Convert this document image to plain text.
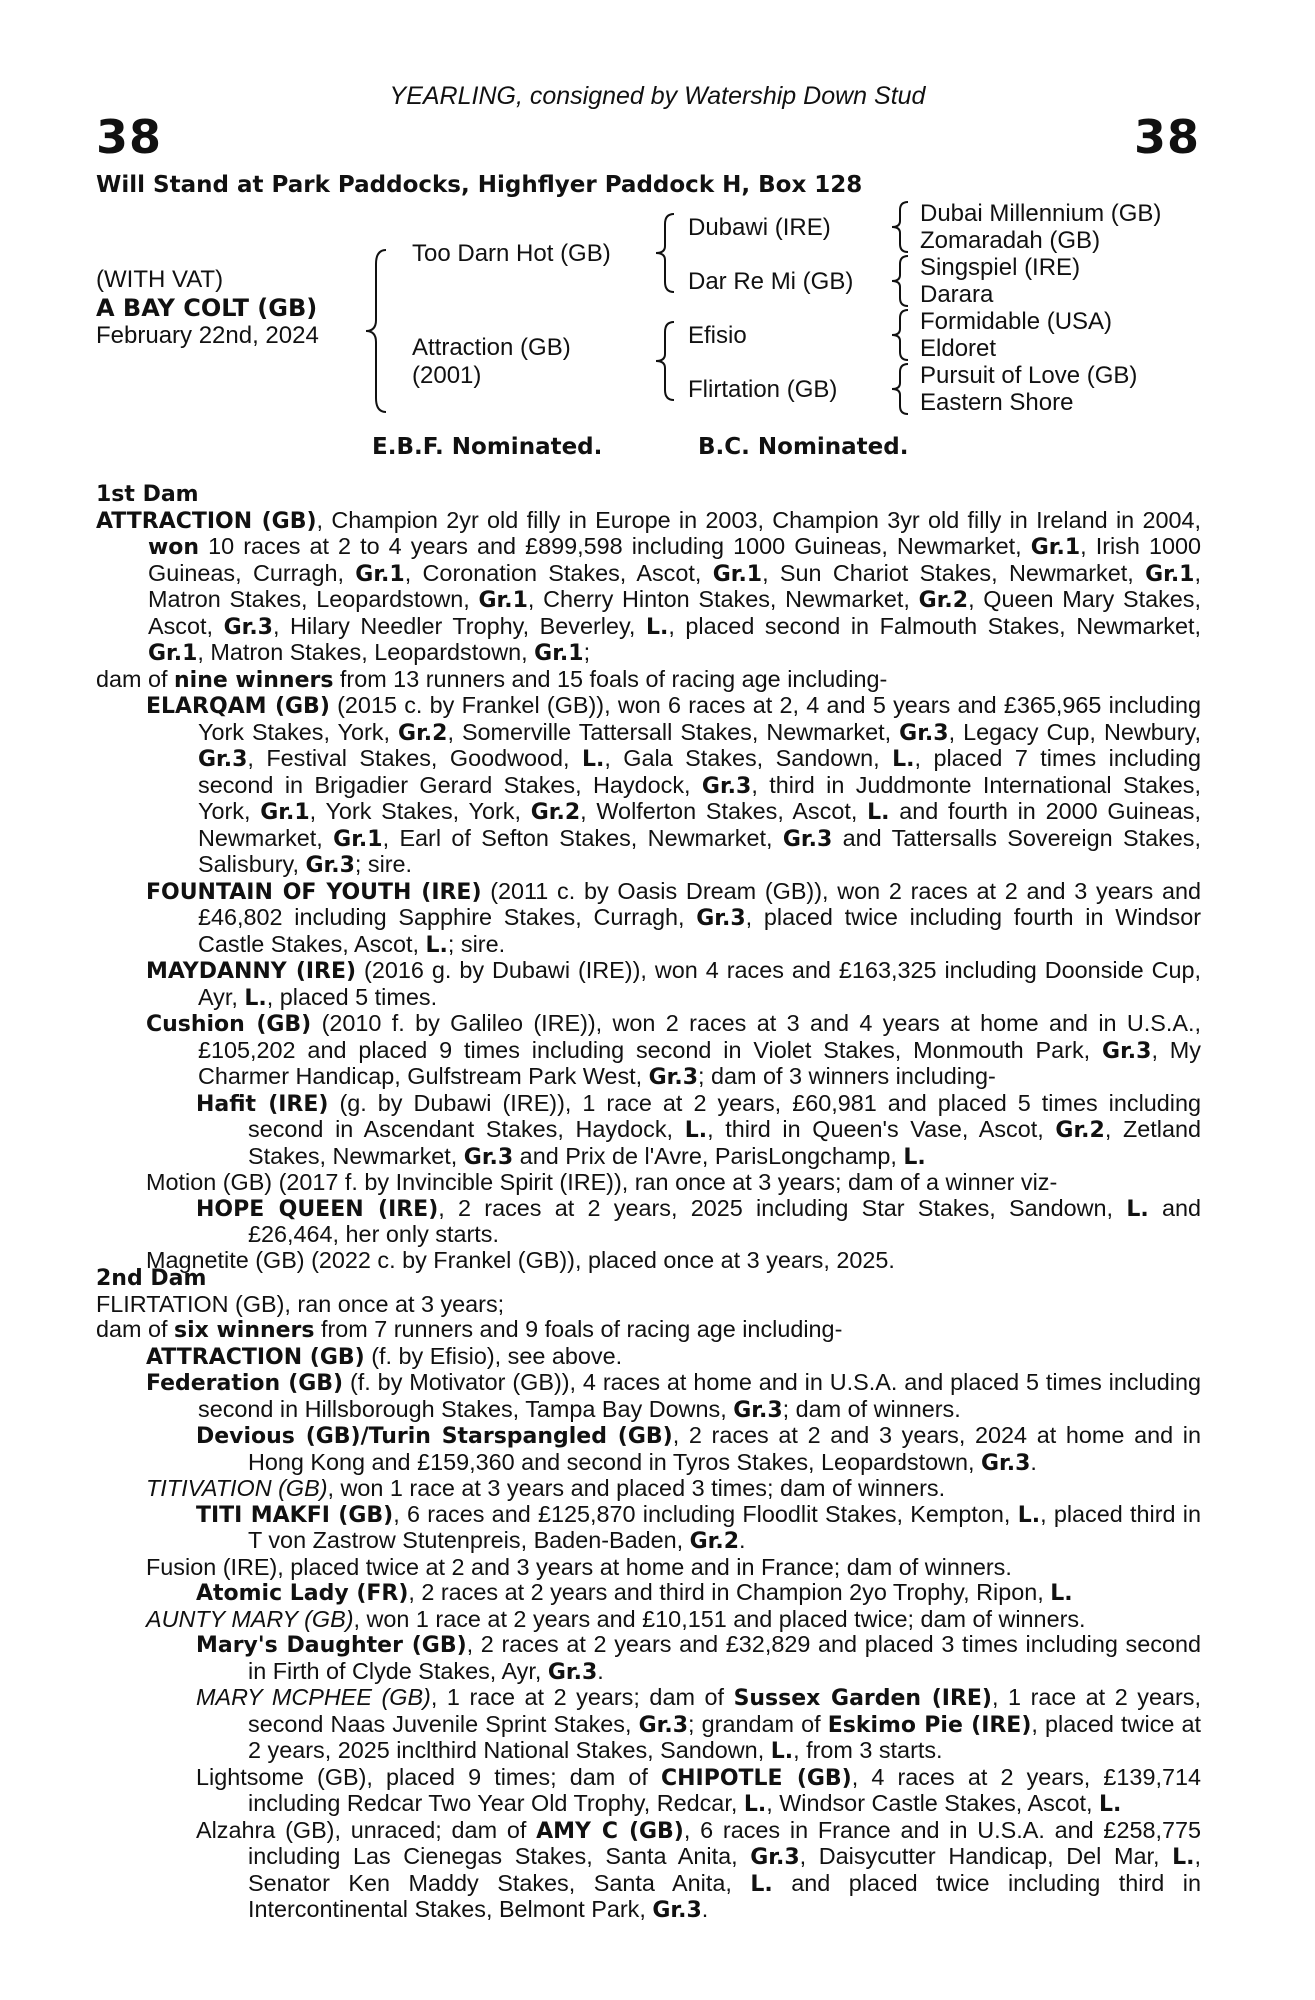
YEARLING, consigned by Watership Down Stud
38	38
Will Stand at Park Paddocks, Highflyer Paddock H, Box 128
(WITH VAT)
A BAY COLT (GB)
February 22nd, 2024
Too Darn Hot (GB)
Attraction (GB)
(2001)
Dubawi (IRE)
Dar Re Mi (GB)
Efisio
Flirtation (GB)
Dubai Millennium (GB)
Zomaradah (GB)
Singspiel (IRE)
Darara
Formidable (USA)
Eldoret
Pursuit of Love (GB)
Eastern Shore
E.B.F. Nominated.	B.C. Nominated.
1st Dam

ATTRACTION (GB), Champion 2yr old filly in Europe in 2003, Champion 3yr old filly in Ireland in 2004, won 10 races at 2 to 4 years and £899,598 including 1000 Guineas, Newmarket, Gr.1, Irish 1000 Guineas, Curragh, Gr.1, Coronation Stakes, Ascot, Gr.1, Sun Chariot Stakes, Newmarket, Gr.1, Matron Stakes, Leopardstown, Gr.1, Cherry Hinton Stakes, Newmarket, Gr.2, Queen Mary Stakes, Ascot, Gr.3, Hilary Needler Trophy, Beverley, L., placed second in Falmouth Stakes, Newmarket, Gr.1, Matron Stakes, Leopardstown, Gr.1;

dam of nine winners from 13 runners and 15 foals of racing age including-

ELARQAM (GB) (2015 c. by Frankel (GB)), won 6 races at 2, 4 and 5 years and £365,965 including York Stakes, York, Gr.2, Somerville Tattersall Stakes, Newmarket, Gr.3, Legacy Cup, Newbury, Gr.3, Festival Stakes, Goodwood, L., Gala Stakes, Sandown, L., placed 7 times including second in Brigadier Gerard Stakes, Haydock, Gr.3, third in Juddmonte International Stakes, York, Gr.1, York Stakes, York, Gr.2, Wolferton Stakes, Ascot, L. and fourth in 2000 Guineas, Newmarket, Gr.1, Earl of Sefton Stakes, Newmarket, Gr.3 and Tattersalls Sovereign Stakes, Salisbury, Gr.3; sire.

FOUNTAIN OF YOUTH (IRE) (2011 c. by Oasis Dream (GB)), won 2 races at 2 and 3 years and £46,802 including Sapphire Stakes, Curragh, Gr.3, placed twice including fourth in Windsor Castle Stakes, Ascot, L.; sire.

MAYDANNY (IRE) (2016 g. by Dubawi (IRE)), won 4 races and £163,325 including Doonside Cup, Ayr, L., placed 5 times.

Cushion (GB) (2010 f. by Galileo (IRE)), won 2 races at 3 and 4 years at home and in U.S.A., £105,202 and placed 9 times including second in Violet Stakes, Monmouth Park, Gr.3, My Charmer Handicap, Gulfstream Park West, Gr.3; dam of 3 winners including-

Hafit (IRE) (g. by Dubawi (IRE)), 1 race at 2 years, £60,981 and placed 5 times including second in Ascendant Stakes, Haydock, L., third in Queen's Vase, Ascot, Gr.2, Zetland Stakes, Newmarket, Gr.3 and Prix de l'Avre, ParisLongchamp, L.

Motion (GB) (2017 f. by Invincible Spirit (IRE)), ran once at 3 years; dam of a winner viz-

HOPE QUEEN (IRE), 2 races at 2 years, 2025 including Star Stakes, Sandown, L. and £26,464, her only starts.

Magnetite (GB) (2022 c. by Frankel (GB)), placed once at 3 years, 2025.

2nd Dam

FLIRTATION (GB), ran once at 3 years;

dam of six winners from 7 runners and 9 foals of racing age including-

ATTRACTION (GB) (f. by Efisio), see above.

Federation (GB) (f. by Motivator (GB)), 4 races at home and in U.S.A. and placed 5 times including second in Hillsborough Stakes, Tampa Bay Downs, Gr.3; dam of winners.

Devious (GB)/Turin Starspangled (GB), 2 races at 2 and 3 years, 2024 at home and in Hong Kong and £159,360 and second in Tyros Stakes, Leopardstown, Gr.3.

TITIVATION (GB), won 1 race at 3 years and placed 3 times; dam of winners.

TITI MAKFI (GB), 6 races and £125,870 including Floodlit Stakes, Kempton, L., placed third in T von Zastrow Stutenpreis, Baden-Baden, Gr.2.

Fusion (IRE), placed twice at 2 and 3 years at home and in France; dam of winners.

Atomic Lady (FR), 2 races at 2 years and third in Champion 2yo Trophy, Ripon, L.

AUNTY MARY (GB), won 1 race at 2 years and £10,151 and placed twice; dam of winners.

Mary's Daughter (GB), 2 races at 2 years and £32,829 and placed 3 times including second in Firth of Clyde Stakes, Ayr, Gr.3.

MARY MCPHEE (GB), 1 race at 2 years; dam of Sussex Garden (IRE), 1 race at 2 years, second Naas Juvenile Sprint Stakes, Gr.3; grandam of Eskimo Pie (IRE), placed twice at 2 years, 2025 inclthird National Stakes, Sandown, L., from 3 starts.

Lightsome (GB), placed 9 times; dam of CHIPOTLE (GB), 4 races at 2 years, £139,714 including Redcar Two Year Old Trophy, Redcar, L., Windsor Castle Stakes, Ascot, L.

Alzahra (GB), unraced; dam of AMY C (GB), 6 races in France and in U.S.A. and £258,775 including Las Cienegas Stakes, Santa Anita, Gr.3, Daisycutter Handicap, Del Mar, L., Senator Ken Maddy Stakes, Santa Anita, L. and placed twice including third in Intercontinental Stakes, Belmont Park, Gr.3.
